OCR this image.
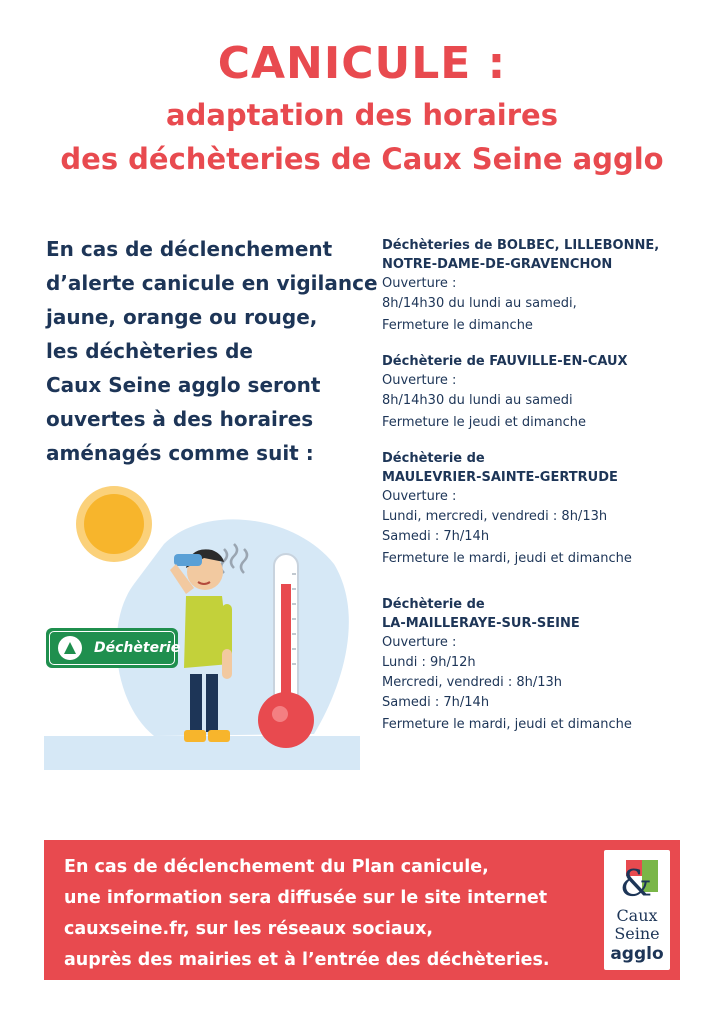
CANICULE :
adaptation des horaires
des déchèteries de Caux Seine agglo
En cas de déclenchement
d’alerte canicule en vigilance
jaune, orange ou rouge,
les déchèteries de
Caux Seine agglo seront
ouvertes à des horaires
aménagés comme suit :
Déchèteries de BOLBEC, LILLEBONNE,
NOTRE-DAME-DE-GRAVENCHON
Ouverture :
8h/14h30 du lundi au samedi,
Fermeture le dimanche
Déchèterie de FAUVILLE-EN-CAUX
Ouverture :
8h/14h30 du lundi au samedi
Fermeture le jeudi et dimanche
Déchèterie de
MAULEVRIER-SAINTE-GERTRUDE
Ouverture :
Lundi, mercredi, vendredi : 8h/13h
Samedi : 7h/14h
Fermeture le mardi, jeudi et dimanche
Déchèterie de
LA-MAILLERAYE-SUR-SEINE
Ouverture :
Lundi : 9h/12h
Mercredi, vendredi : 8h/13h
Samedi : 7h/14h
Fermeture le mardi, jeudi et dimanche
Déchèterie
En cas de déclenchement du Plan canicule,
une information sera diffusée sur le site internet
cauxseine.fr, sur les réseaux sociaux,
auprès des mairies et à l’entrée des déchèteries.
&
Caux
Seine
agglo
